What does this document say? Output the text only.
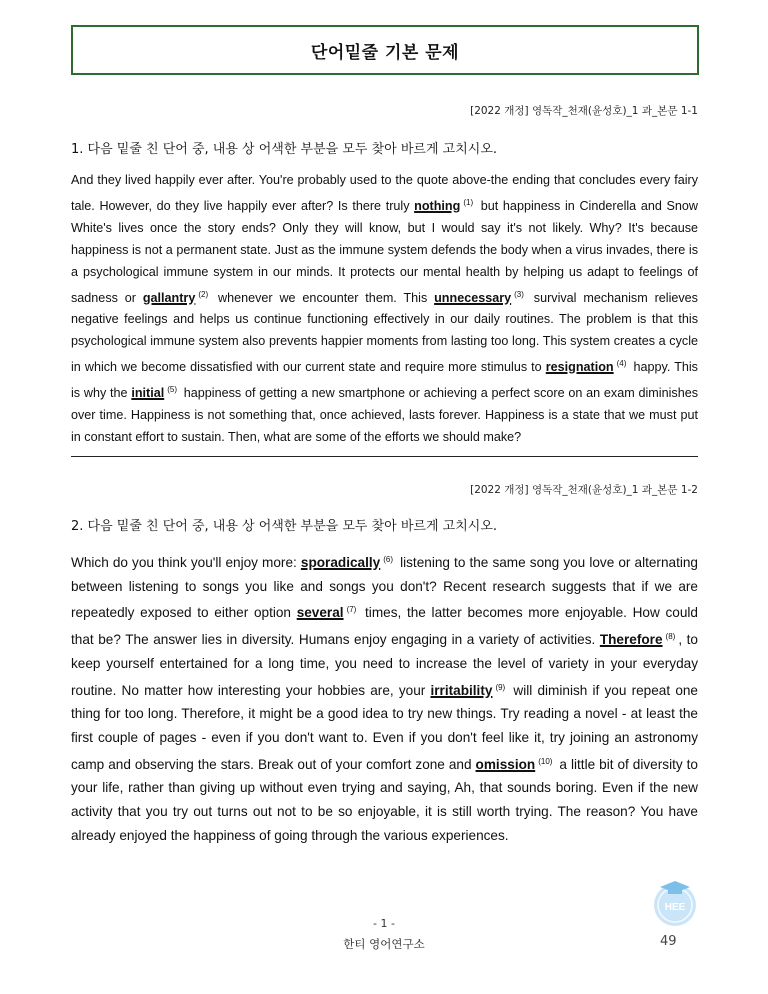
단어밑줄 기본 문제
[2022 개정] 영독작_천재(윤성호)_1 과_본문 1-1
1. 다음 밑줄 친 단어 중, 내용 상 어색한 부분을 모두 찾아 바르게 고치시오.
And they lived happily ever after. You're probably used to the quote above-the ending that concludes every fairy tale. However, do they live happily ever after? Is there truly nothing $^{(1)}$ but happiness in Cinderella and Snow White's lives once the story ends? Only they will know, but I would say it's not likely. Why? It's because happiness is not a permanent state. Just as the immune system defends the body when a virus invades, there is a psychological immune system in our minds. It protects our mental health by helping us adapt to feelings of sadness or gallantry $^{(2)}$ whenever we encounter them. This unnecessary $^{(3)}$ survival mechanism relieves negative feelings and helps us continue functioning effectively in our daily routines. The problem is that this psychological immune system also prevents happier moments from lasting too long. This system creates a cycle in which we become dissatisfied with our current state and require more stimulus to resignation $^{(4)}$ happy. This is why the initial $^{(5)}$ happiness of getting a new smartphone or achieving a perfect score on an exam diminishes over time. Happiness is not something that, once achieved, lasts forever. Happiness is a state that we must put in constant effort to sustain. Then, what are some of the efforts we should make?
[2022 개정] 영독작_천재(윤성호)_1 과_본문 1-2
2. 다음 밑줄 친 단어 중, 내용 상 어색한 부분을 모두 찾아 바르게 고치시오.
Which do you think you'll enjoy more: sporadically $^{(6)}$ listening to the same song you love or alternating between listening to songs you like and songs you don't? Recent research suggests that if we are repeatedly exposed to either option several $^{(7)}$ times, the latter becomes more enjoyable. How could that be? The answer lies in diversity. Humans enjoy engaging in a variety of activities. Therefore $^{(8)}$ , to keep yourself entertained for a long time, you need to increase the level of variety in your everyday routine. No matter how interesting your hobbies are, your irritability $^{(9)}$ will diminish if you repeat one thing for too long. Therefore, it might be a good idea to try new things. Try reading a novel - at least the first couple of pages - even if you don't want to. Even if you don't feel like it, try joining an astronomy camp and observing the stars. Break out of your comfort zone and omission $^{(10)}$ a little bit of diversity to your life, rather than giving up without even trying and saying, Ah, that sounds boring. Even if the new activity that you try out turns out not to be so enjoyable, it is still worth trying. The reason? You have already enjoyed the happiness of going through the various experiences.
- 1 -
한티 영어연구소
HEE
49
